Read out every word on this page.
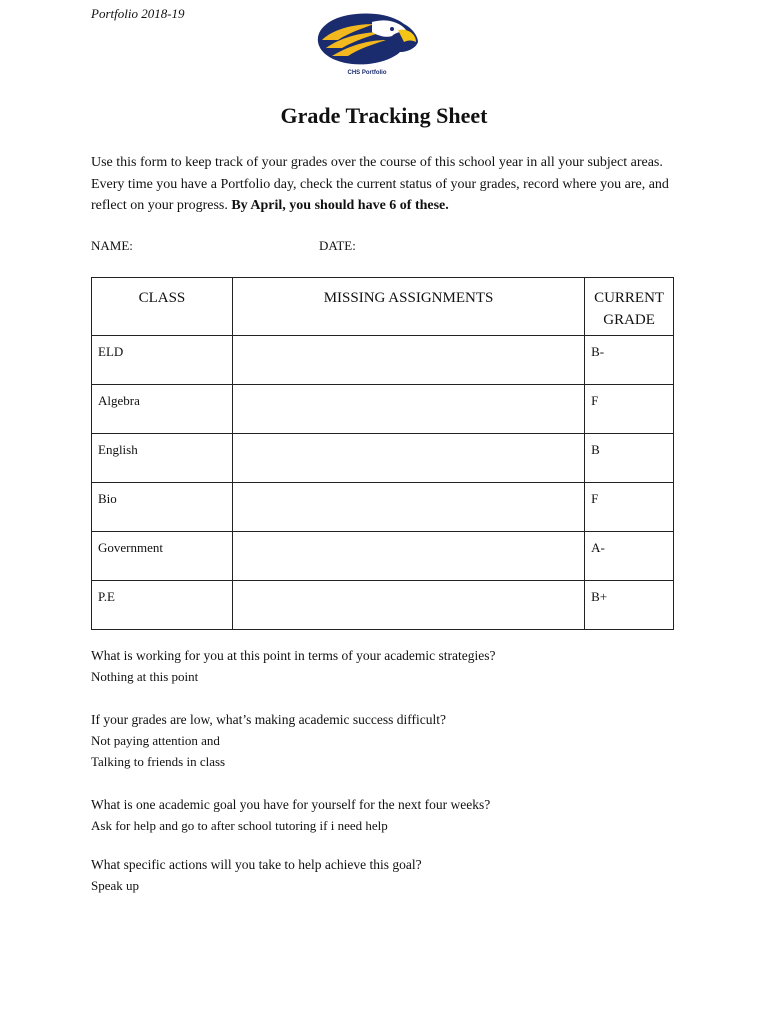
Portfolio 2018-19
CHS Portfolio
Grade Tracking Sheet
Use this form to keep track of your grades over the course of this school year in all your subject areas. Every time you have a Portfolio day, check the current status of your grades, record where you are, and reflect on your progress. By April, you should have 6 of these.
NAME:	DATE:
CLASS	MISSING ASSIGNMENTS	CURRENT
GRADE
ELD		B-
Algebra		F
English		B
Bio		F
Government		A-
P.E		B+
What is working for you at this point in terms of your academic strategies?
Nothing at this point
If your grades are low, what’s making academic success difficult?
Not paying attention and
Talking to friends in class
What is one academic goal you have for yourself for the next four weeks?
Ask for help and go to after school tutoring if i need help
What specific actions will you take to help achieve this goal?
Speak up
